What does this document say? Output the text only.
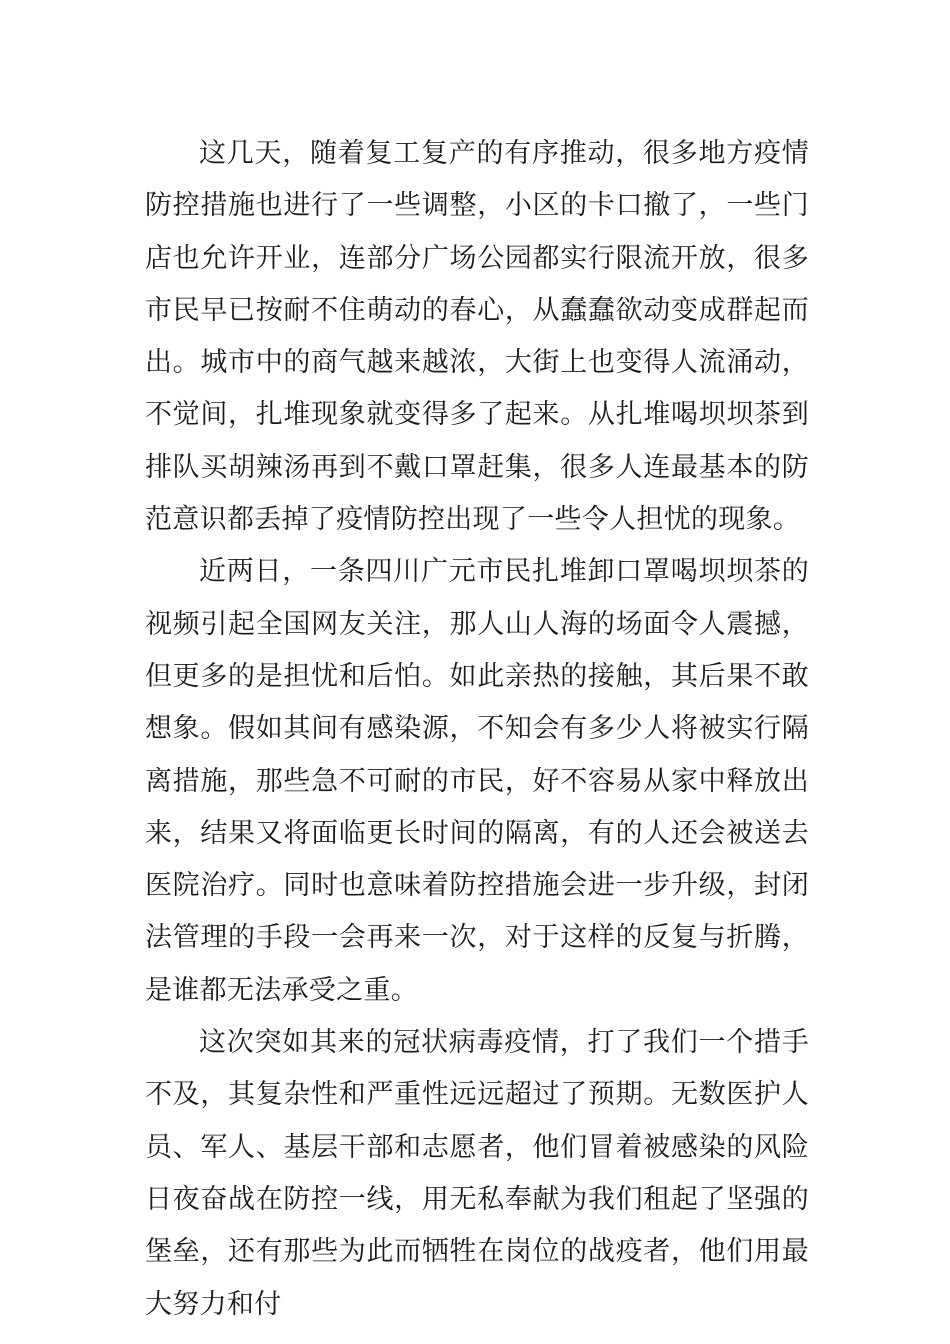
这几天，随着复工复产的有序推动，很多地方疫情防控措施也进行了一些调整，小区的卡口撤了，一些门店也允许开业，连部分广场公园都实行限流开放，很多市民早已按耐不住萌动的春心，从蠢蠢欲动变成群起而出。城市中的商气越来越浓，大街上也变得人流涌动，不觉间，扎堆现象就变得多了起来。从扎堆喝坝坝茶到排队买胡辣汤再到不戴口罩赶集，很多人连最基本的防范意识都丢掉了疫情防控出现了一些令人担忧的现象。

近两日，一条四川广元市民扎堆卸口罩喝坝坝茶的视频引起全国网友关注，那人山人海的场面令人震撼，但更多的是担忧和后怕。如此亲热的接触，其后果不敢想象。假如其间有感染源，不知会有多少人将被实行隔离措施，那些急不可耐的市民，好不容易从家中释放出来，结果又将面临更长时间的隔离，有的人还会被送去医院治疗。同时也意味着防控措施会进一步升级，封闭法管理的手段一会再来一次，对于这样的反复与折腾，是谁都无法承受之重。

这次突如其来的冠状病毒疫情，打了我们一个措手不及，其复杂性和严重性远远超过了预期。无数医护人员、军人、基层干部和志愿者，他们冒着被感染的风险日夜奋战在防控一线，用无私奉献为我们租起了坚强的堡垒，还有那些为此而牺牲在岗位的战疫者，他们用最大努力和付
